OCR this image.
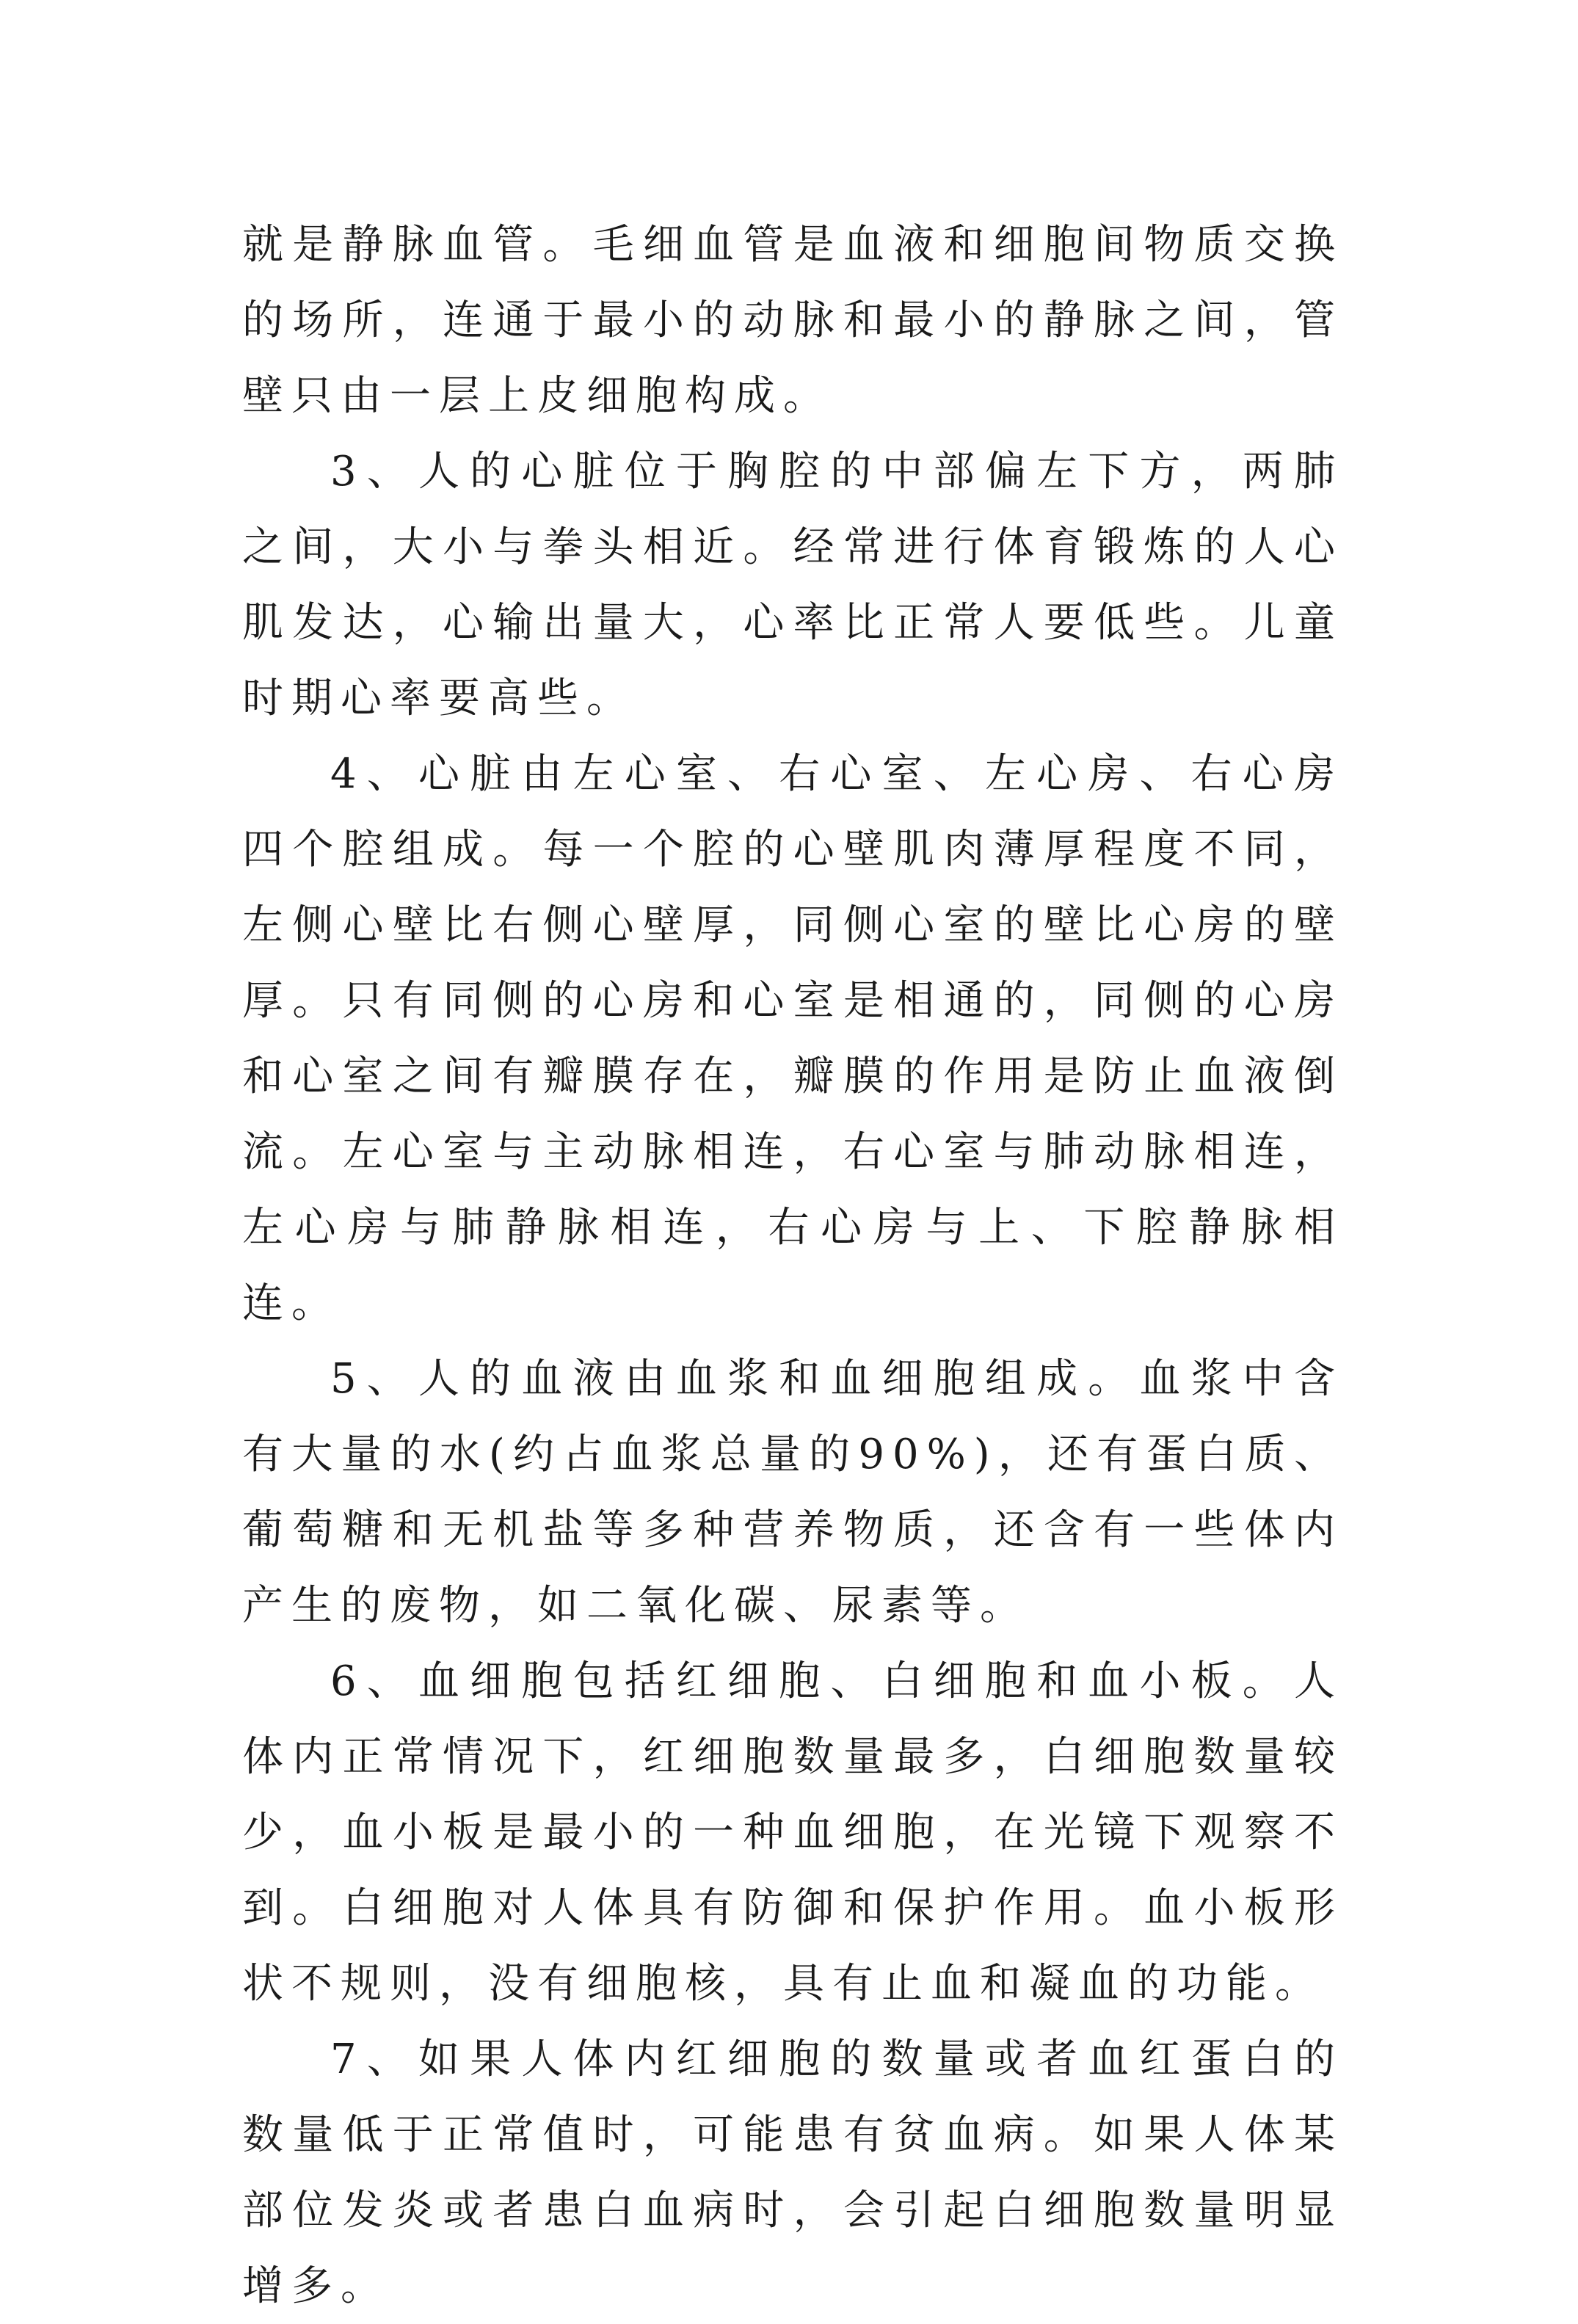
就是静脉血管。毛细血管是血液和细胞间物质交换的场所，连通于最小的动脉和最小的静脉之间，管壁只由一层上皮细胞构成。

3、人的心脏位于胸腔的中部偏左下方，两肺之间，大小与拳头相近。经常进行体育锻炼的人心肌发达，心输出量大，心率比正常人要低些。儿童时期心率要高些。

4、心脏由左心室、右心室、左心房、右心房四个腔组成。每一个腔的心壁肌肉薄厚程度不同，左侧心壁比右侧心壁厚，同侧心室的壁比心房的壁厚。只有同侧的心房和心室是相通的，同侧的心房和心室之间有瓣膜存在，瓣膜的作用是防止血液倒流。左心室与主动脉相连，右心室与肺动脉相连，左心房与肺静脉相连，右心房与上、下腔静脉相连。

5、人的血液由血浆和血细胞组成。血浆中含有大量的水(约占血浆总量的90%)，还有蛋白质、葡萄糖和无机盐等多种营养物质，还含有一些体内产生的废物，如二氧化碳、尿素等。

6、血细胞包括红细胞、白细胞和血小板。人体内正常情况下，红细胞数量最多，白细胞数量较少，血小板是最小的一种血细胞，在光镜下观察不到。白细胞对人体具有防御和保护作用。血小板形状不规则，没有细胞核，具有止血和凝血的功能。

7、如果人体内红细胞的数量或者血红蛋白的数量低于正常值时，可能患有贫血病。如果人体某部位发炎或者患白血病时，会引起白细胞数量明显增多。
